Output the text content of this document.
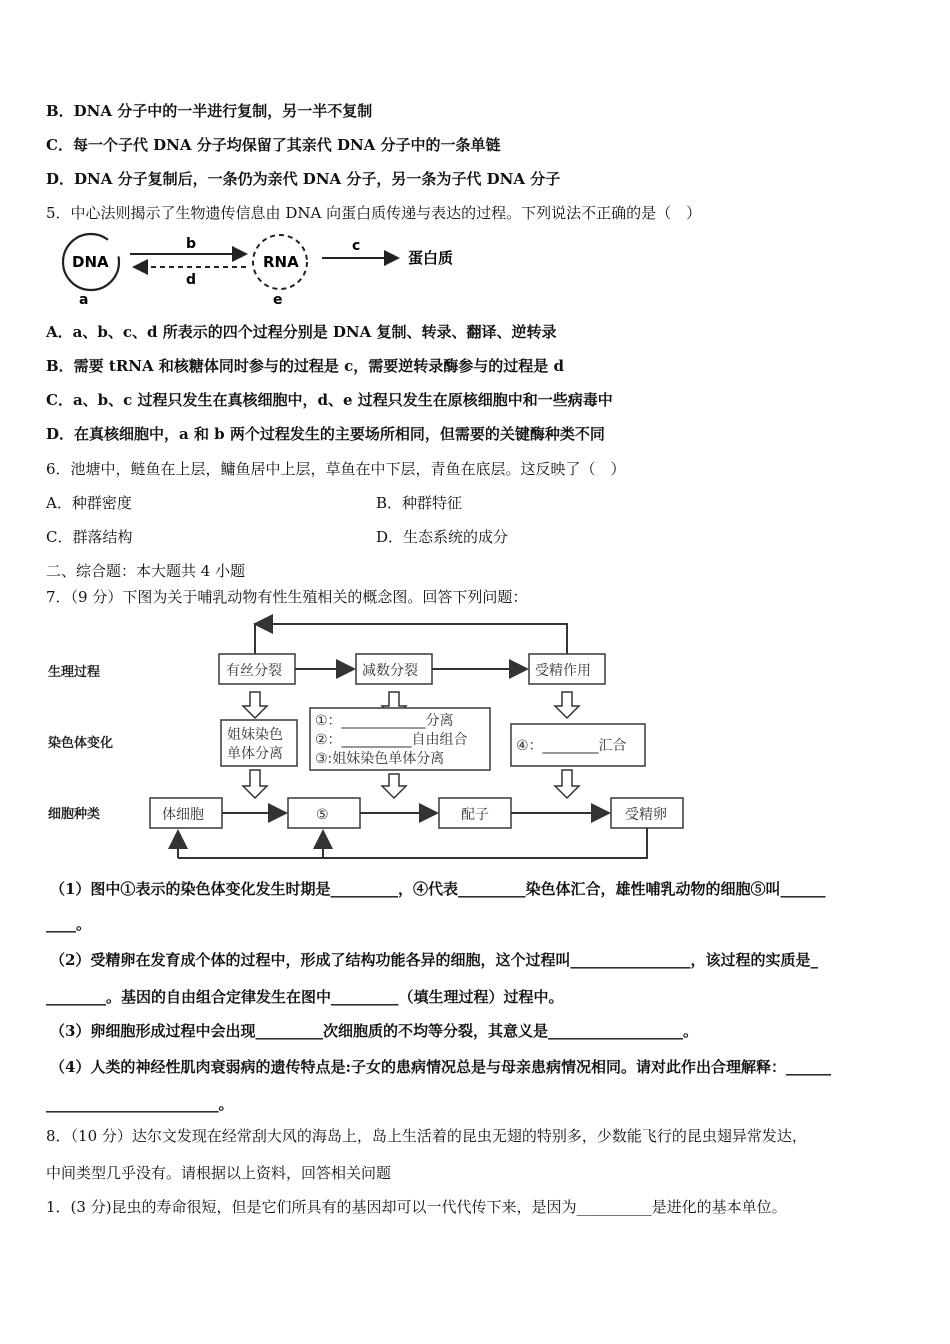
B．DNA 分子中的一半进行复制，另一半不复制
C．每一个子代 DNA 分子均保留了其亲代 DNA 分子中的一条单链
D．DNA 分子复制后，一条仍为亲代 DNA 分子，另一条为子代 DNA 分子
5．中心法则揭示了生物遗传信息由 DNA 向蛋白质传递与表达的过程。下列说法不正确的是（　）
DNA
a
b
d
RNA
e
c
蛋白质
A．a、b、c、d 所表示的四个过程分别是 DNA 复制、转录、翻译、逆转录
B．需要 tRNA 和核糖体同时参与的过程是 c，需要逆转录酶参与的过程是 d
C．a、b、c 过程只发生在真核细胞中，d、e 过程只发生在原核细胞中和一些病毒中
D．在真核细胞中，a 和 b 两个过程发生的主要场所相同，但需要的关键酶种类不同
6．池塘中，鲢鱼在上层，鳙鱼居中上层，草鱼在中下层，青鱼在底层。这反映了（　）
A．种群密度	B．种群特征
C．群落结构	D．生态系统的成分
二、综合题：本大题共 4 小题
7．（9 分）下图为关于哺乳动物有性生殖相关的概念图。回答下列问题：
生理过程
染色体变化
细胞种类
有丝分裂	减数分裂	受精作用
姐妹染色
单体分离
①：____________分离
②：__________自由组合
③:姐妹染色单体分离
④：________汇合
体细胞	⑤	配子	受精卵
（1）图中①表示的染色体变化发生时期是_________，④代表_________染色体汇合，雄性哺乳动物的细胞⑤叫______
____。
（2）受精卵在发育成个体的过程中，形成了结构功能各异的细胞，这个过程叫________________，该过程的实质是_
________。基因的自由组合定律发生在图中_________（填生理过程）过程中。
（3）卵细胞形成过程中会出现_________次细胞质的不均等分裂，其意义是__________________。
（4）人类的神经性肌肉衰弱病的遗传特点是:子女的患病情况总是与母亲患病情况相同。请对此作出合理解释：______
_______________________。
8．（10 分）达尔文发现在经常刮大风的海岛上，岛上生活着的昆虫无翅的特别多，少数能飞行的昆虫翅异常发达，
中间类型几乎没有。请根据以上资料，回答相关问题
1．(3 分)昆虫的寿命很短，但是它们所具有的基因却可以一代代传下来，是因为__________是进化的基本单位。
